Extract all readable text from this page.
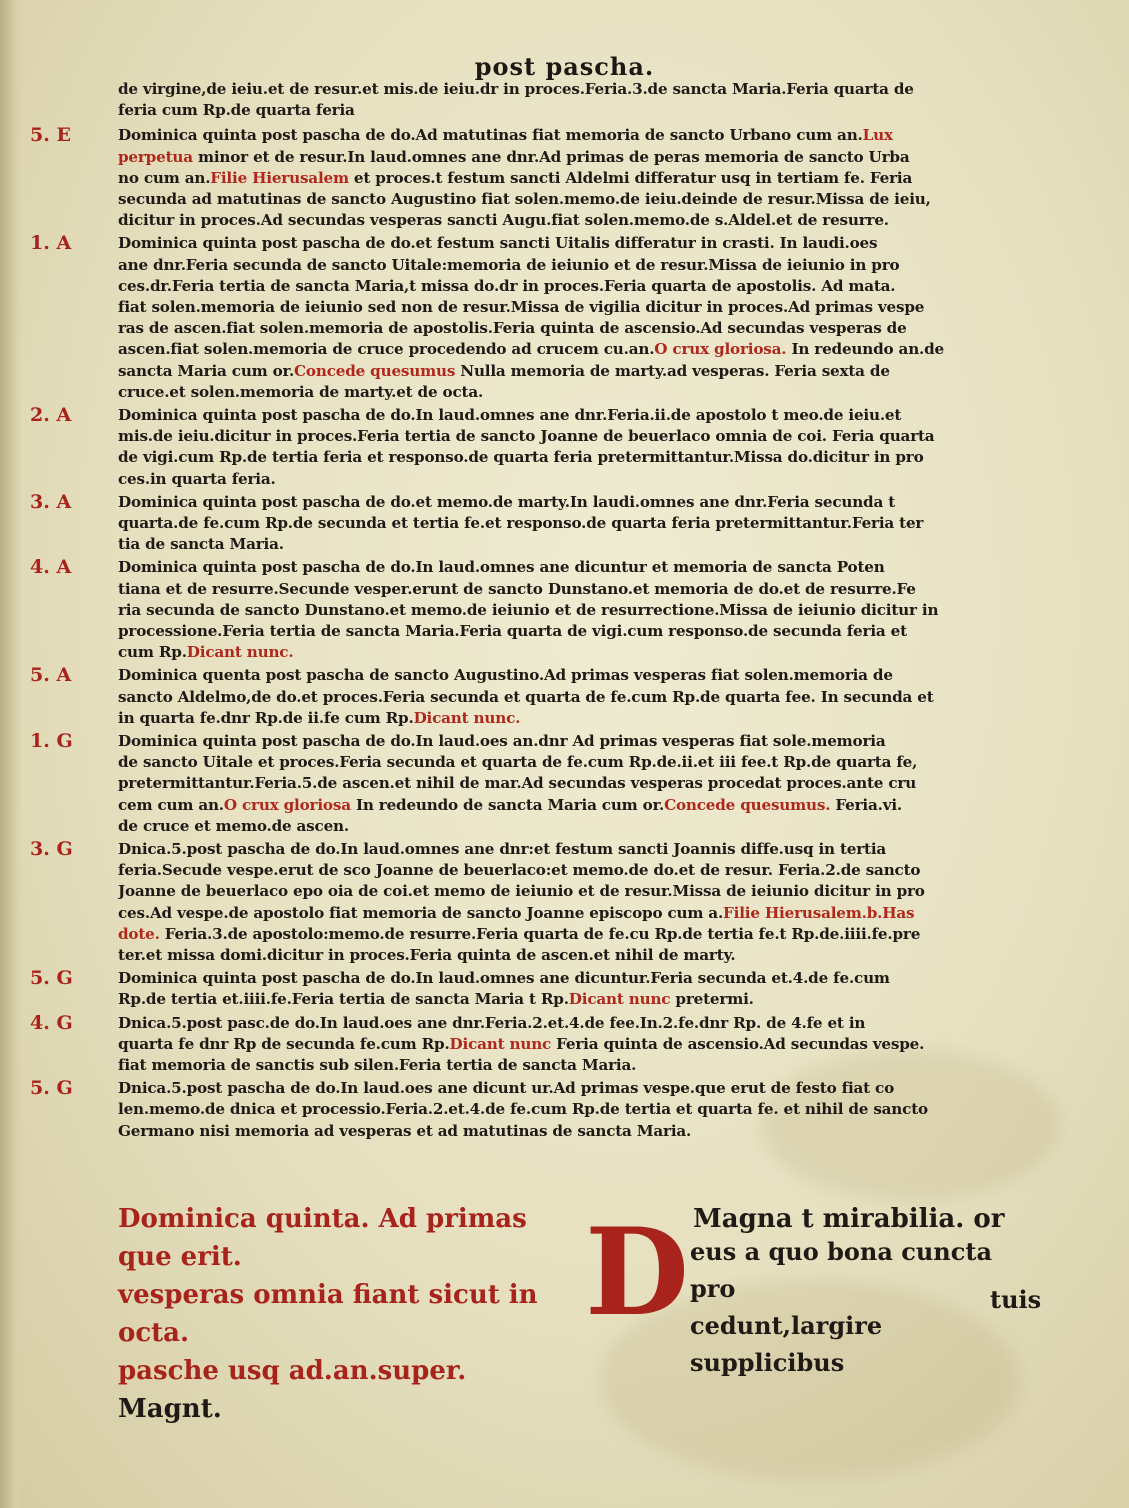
post pascha.
de virgine,de ieiu.et de resur.et mis.de ieiu.dr in proces.Feria.3.de sancta Maria.Feria quarta de
feria cum Rp.de quarta feria
5. E	Dominica quinta post pascha de do.Ad matutinas fiat memoria de sancto Urbano cum an.Lux
perpetua minor et de resur.In laud.omnes ane dnr.Ad primas de peras memoria de sancto Urba
no cum an.Filie Hierusalem et proces.t festum sancti Aldelmi differatur usq in tertiam fe. Feria
secunda ad matutinas de sancto Augustino fiat solen.memo.de ieiu.deinde de resur.Missa de ieiu,
dicitur in proces.Ad secundas vesperas sancti Augu.fiat solen.memo.de s.Aldel.et de resurre.
1. A	Dominica quinta post pascha de do.et festum sancti Uitalis differatur in crasti. In laudi.oes
ane dnr.Feria secunda de sancto Uitale:memoria de ieiunio et de resur.Missa de ieiunio in pro
ces.dr.Feria tertia de sancta Maria,t missa do.dr in proces.Feria quarta de apostolis. Ad mata.
fiat solen.memoria de ieiunio sed non de resur.Missa de vigilia dicitur in proces.Ad primas vespe
ras de ascen.fiat solen.memoria de apostolis.Feria quinta de ascensio.Ad secundas vesperas de
ascen.fiat solen.memoria de cruce procedendo ad crucem cu.an.O crux gloriosa. In redeundo an.de
sancta Maria cum or.Concede quesumus Nulla memoria de marty.ad vesperas. Feria sexta de
cruce.et solen.memoria de marty.et de octa.
2. A	Dominica quinta post pascha de do.In laud.omnes ane dnr.Feria.ii.de apostolo t meo.de ieiu.et
mis.de ieiu.dicitur in proces.Feria tertia de sancto Joanne de beuerlaco omnia de coi. Feria quarta
de vigi.cum Rp.de tertia feria et responso.de quarta feria pretermittantur.Missa do.dicitur in pro
ces.in quarta feria.
3. A	Dominica quinta post pascha de do.et memo.de marty.In laudi.omnes ane dnr.Feria secunda t
quarta.de fe.cum Rp.de secunda et tertia fe.et responso.de quarta feria pretermittantur.Feria ter
tia de sancta Maria.
4. A	Dominica quinta post pascha de do.In laud.omnes ane dicuntur et memoria de sancta Poten
tiana et de resurre.Secunde vesper.erunt de sancto Dunstano.et memoria de do.et de resurre.Fe
ria secunda de sancto Dunstano.et memo.de ieiunio et de resurrectione.Missa de ieiunio dicitur in
processione.Feria tertia de sancta Maria.Feria quarta de vigi.cum responso.de secunda feria et
cum Rp.Dicant nunc.
5. A	Dominica quenta post pascha de sancto Augustino.Ad primas vesperas fiat solen.memoria de
sancto Aldelmo,de do.et proces.Feria secunda et quarta de fe.cum Rp.de quarta fee. In secunda et
in quarta fe.dnr Rp.de ii.fe cum Rp.Dicant nunc.
1. G	Dominica quinta post pascha de do.In laud.oes an.dnr Ad primas vesperas fiat sole.memoria
de sancto Uitale et proces.Feria secunda et quarta de fe.cum Rp.de.ii.et iii fee.t Rp.de quarta fe,
pretermittantur.Feria.5.de ascen.et nihil de mar.Ad secundas vesperas procedat proces.ante cru
cem cum an.O crux gloriosa In redeundo de sancta Maria cum or.Concede quesumus. Feria.vi.
de cruce et memo.de ascen.
3. G	Dnica.5.post pascha de do.In laud.omnes ane dnr:et festum sancti Joannis diffe.usq in tertia
feria.Secude vespe.erut de sco Joanne de beuerlaco:et memo.de do.et de resur. Feria.2.de sancto
Joanne de beuerlaco epo oia de coi.et memo de ieiunio et de resur.Missa de ieiunio dicitur in pro
ces.Ad vespe.de apostolo fiat memoria de sancto Joanne episcopo cum a.Filie Hierusalem.b.Has
dote. Feria.3.de apostolo:memo.de resurre.Feria quarta de fe.cu Rp.de tertia fe.t Rp.de.iiii.fe.pre
ter.et missa domi.dicitur in proces.Feria quinta de ascen.et nihil de marty.
5. G	Dominica quinta post pascha de do.In laud.omnes ane dicuntur.Feria secunda et.4.de fe.cum
Rp.de tertia et.iiii.fe.Feria tertia de sancta Maria t Rp.Dicant nunc pretermi.
4. G	Dnica.5.post pasc.de do.In laud.oes ane dnr.Feria.2.et.4.de fee.In.2.fe.dnr Rp. de 4.fe et in
quarta fe dnr Rp de secunda fe.cum Rp.Dicant nunc Feria quinta de ascensio.Ad secundas vespe.
fiat memoria de sanctis sub silen.Feria tertia de sancta Maria.
5. G	Dnica.5.post pascha de do.In laud.oes ane dicunt ur.Ad primas vespe.que erut de festo fiat co
len.memo.de dnica et processio.Feria.2.et.4.de fe.cum Rp.de tertia et quarta fe. et nihil de sancto
Germano nisi memoria ad vesperas et ad matutinas de sancta Maria.
Dominica quinta. Ad primas que erit.
Magna t mirabilia. or
vesperas omnia fiant sicut in octa.
pasche usq ad.an.super. Magnt.
D eus a quo bona cuncta pro
cedunt,largire supplicibus
tuis
